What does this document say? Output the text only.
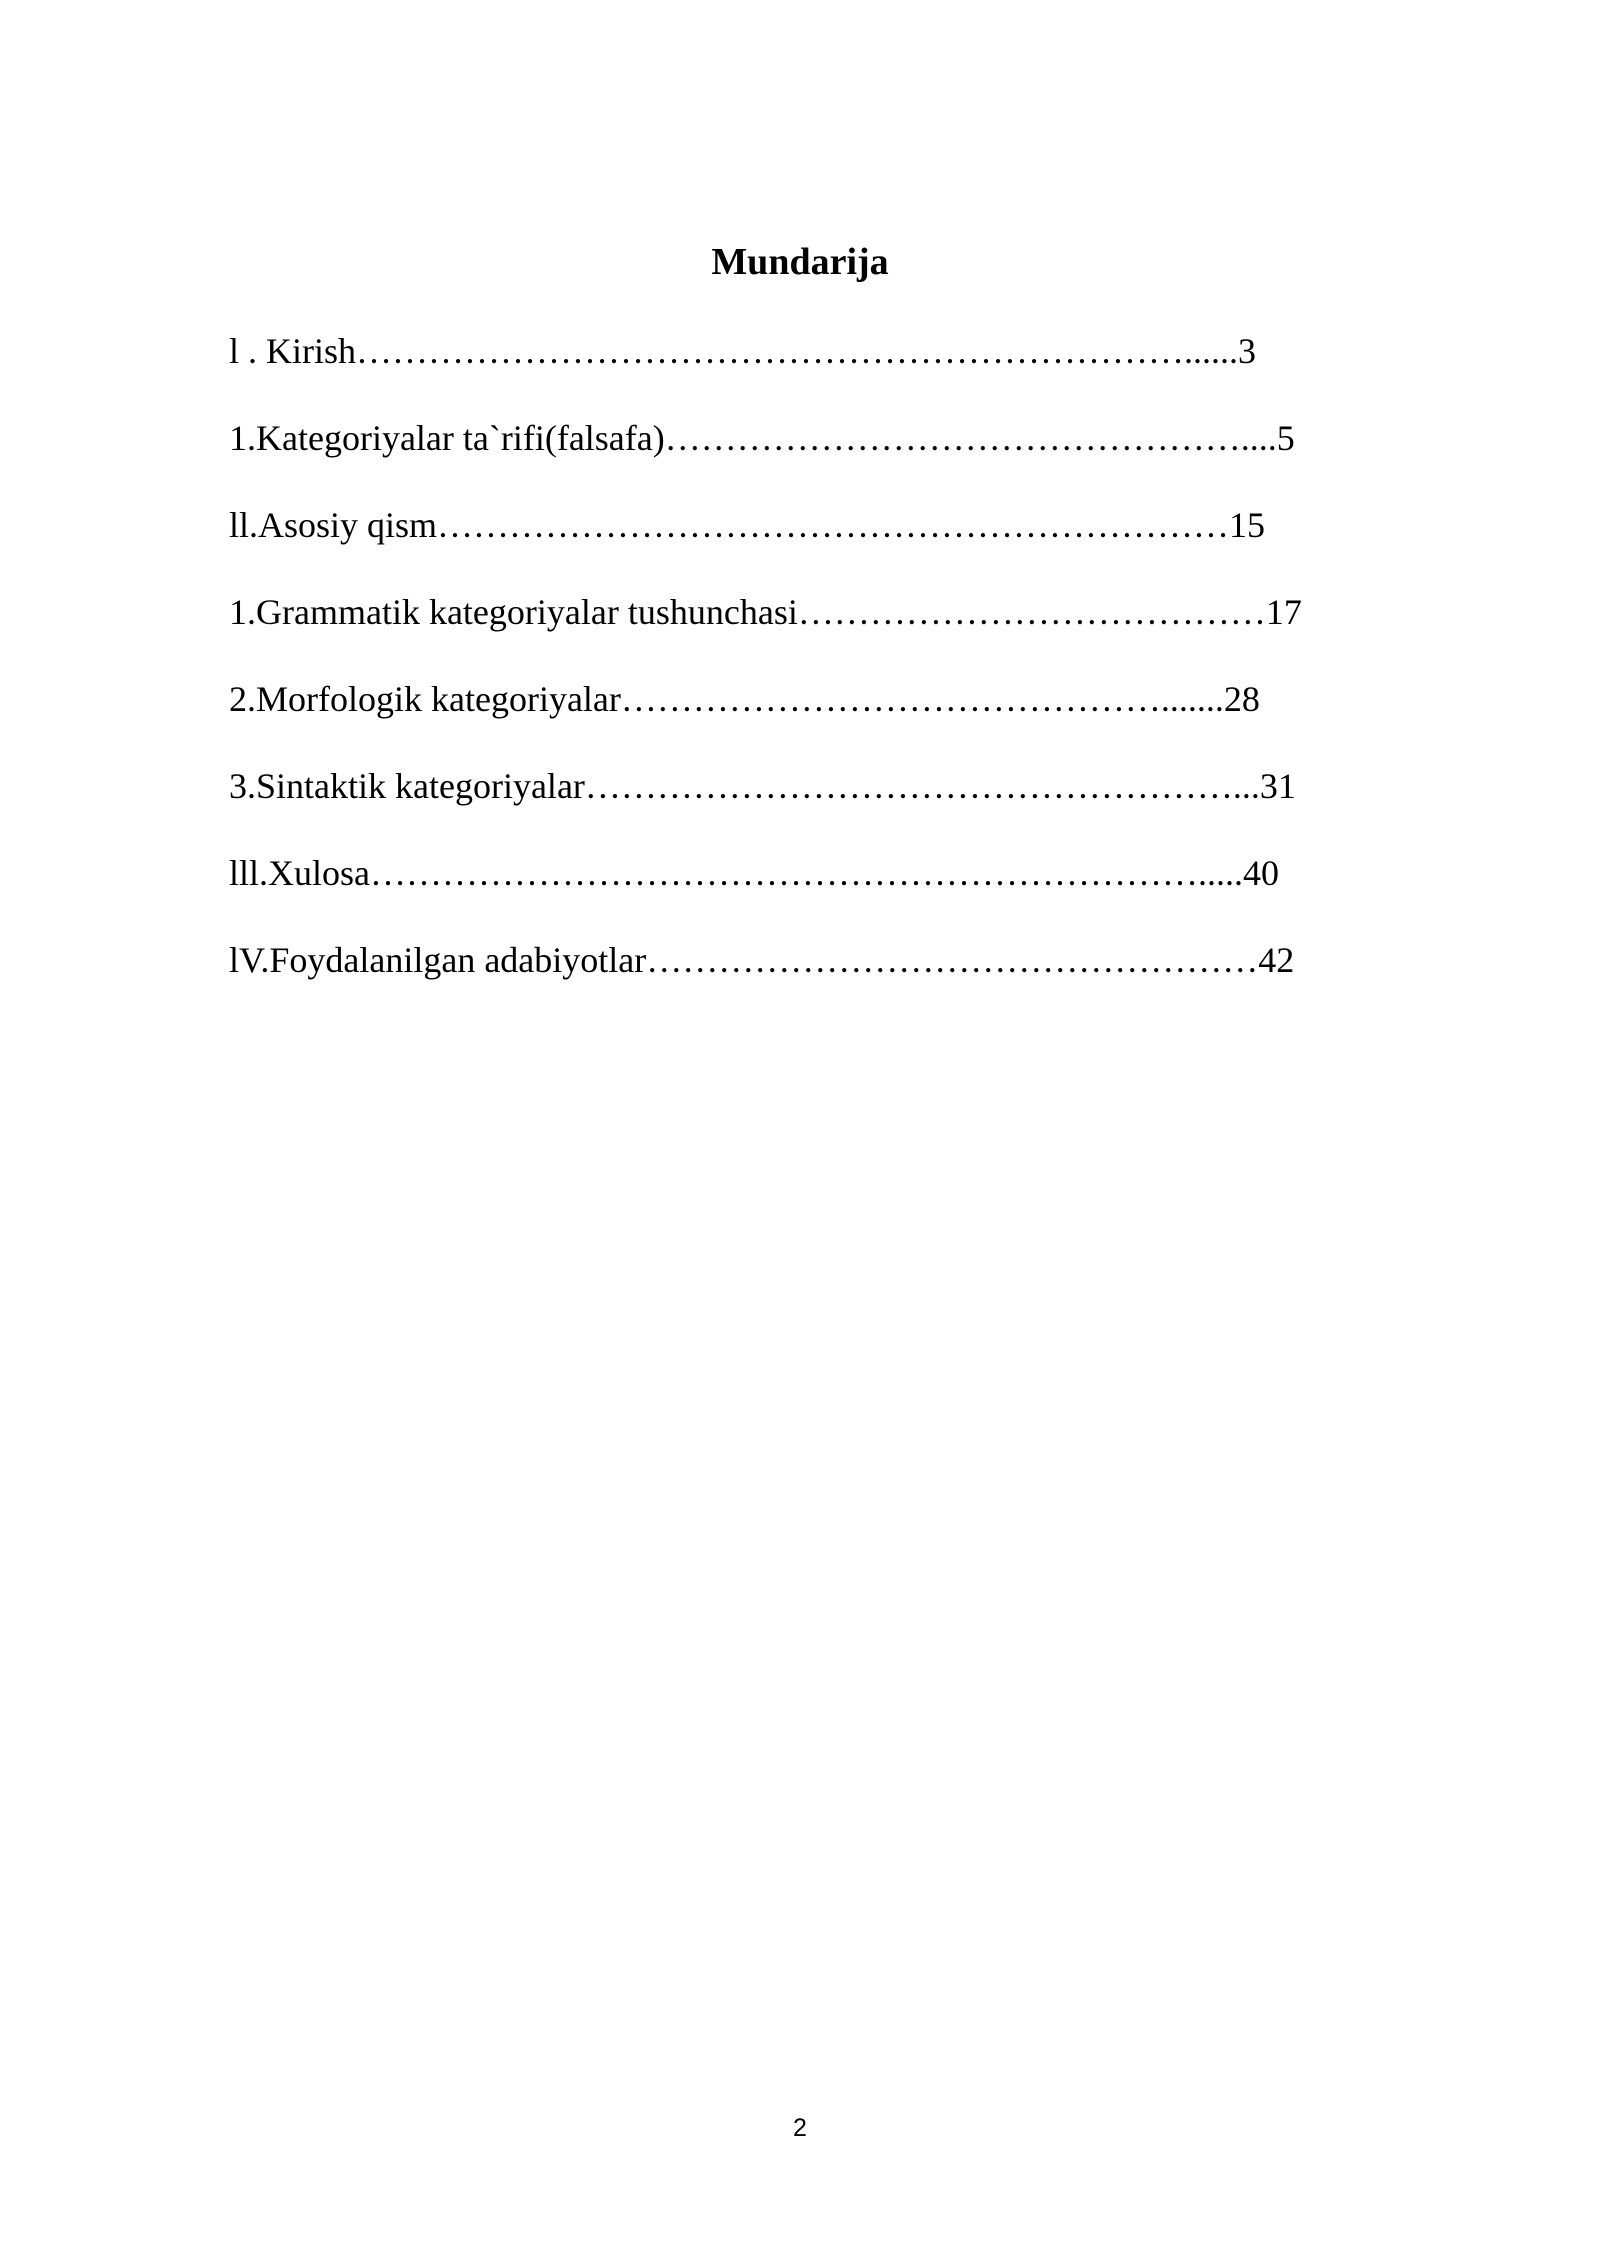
Mundarija
l . Kirish……………………………………………………………......3
1.Kategoriyalar ta`rifi(falsafa)…………………………………………....5
ll.Asosiy qism…………………………………………………………15
1.Grammatik kategoriyalar tushunchasi…………………………………17
2.Morfologik kategoriyalar……………………………………….......28
3.Sintaktik kategoriyalar………………………………………………...31
lll.Xulosa…………………………………………………………….....40
lV.Foydalanilgan adabiyotlar……………………………………………42
2
